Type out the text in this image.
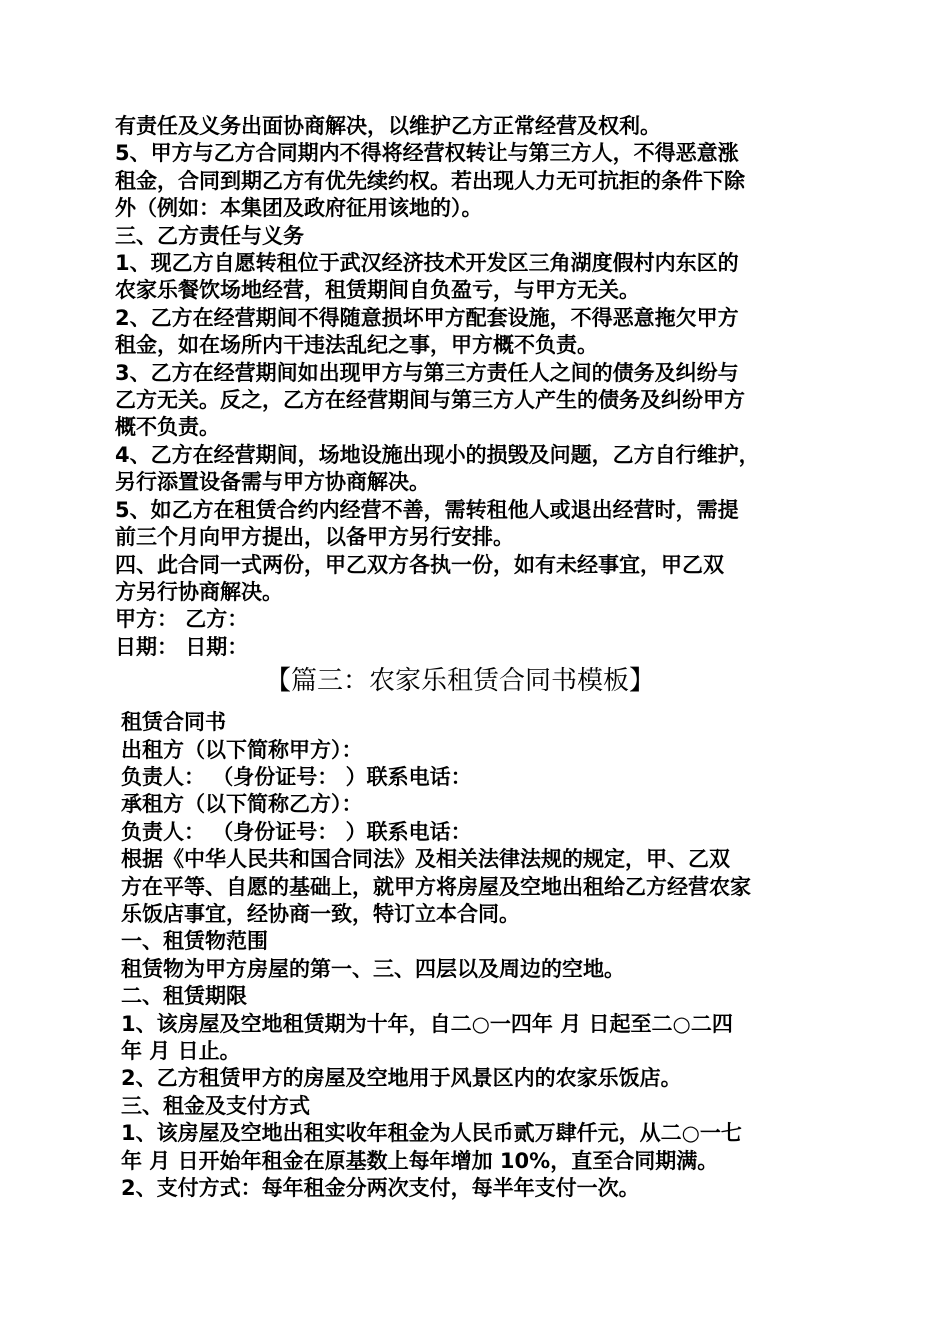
有责任及义务出面协商解决，以维护乙方正常经营及权利。

5、甲方与乙方合同期内不得将经营权转让与第三方人，不得恶意涨

租金，合同到期乙方有优先续约权。若出现人力无可抗拒的条件下除

外（例如：本集团及政府征用该地的）。

三、乙方责任与义务

1、现乙方自愿转租位于武汉经济技术开发区三角湖度假村内东区的

农家乐餐饮场地经营，租赁期间自负盈亏，与甲方无关。

2、乙方在经营期间不得随意损坏甲方配套设施，不得恶意拖欠甲方

租金，如在场所内干违法乱纪之事，甲方概不负责。

3、乙方在经营期间如出现甲方与第三方责任人之间的债务及纠纷与

乙方无关。反之，乙方在经营期间与第三方人产生的债务及纠纷甲方

概不负责。

4、乙方在经营期间，场地设施出现小的损毁及问题，乙方自行维护，

另行添置设备需与甲方协商解决。

5、如乙方在租赁合约内经营不善，需转租他人或退出经营时，需提

前三个月向甲方提出，以备甲方另行安排。

四、此合同一式两份，甲乙双方各执一份，如有未经事宜，甲乙双

方另行协商解决。

甲方： 乙方：

日期： 日期：

【篇三：农家乐租赁合同书模板】

租赁合同书

出租方（以下简称甲方）：

负责人： （身份证号： ）联系电话：

承租方（以下简称乙方）：

负责人： （身份证号： ）联系电话：

根据《中华人民共和国合同法》及相关法律法规的规定，甲、乙双

方在平等、自愿的基础上，就甲方将房屋及空地出租给乙方经营农家

乐饭店事宜，经协商一致，特订立本合同。

一、租赁物范围

租赁物为甲方房屋的第一、三、四层以及周边的空地。

二、租赁期限

1、该房屋及空地租赁期为十年，自二○一四年 月 日起至二○二四

年 月 日止。

2、乙方租赁甲方的房屋及空地用于风景区内的农家乐饭店。

三、租金及支付方式

1、该房屋及空地出租实收年租金为人民币贰万肆仟元，从二○一七

年 月 日开始年租金在原基数上每年增加 10%，直至合同期满。

2、支付方式：每年租金分两次支付，每半年支付一次。
